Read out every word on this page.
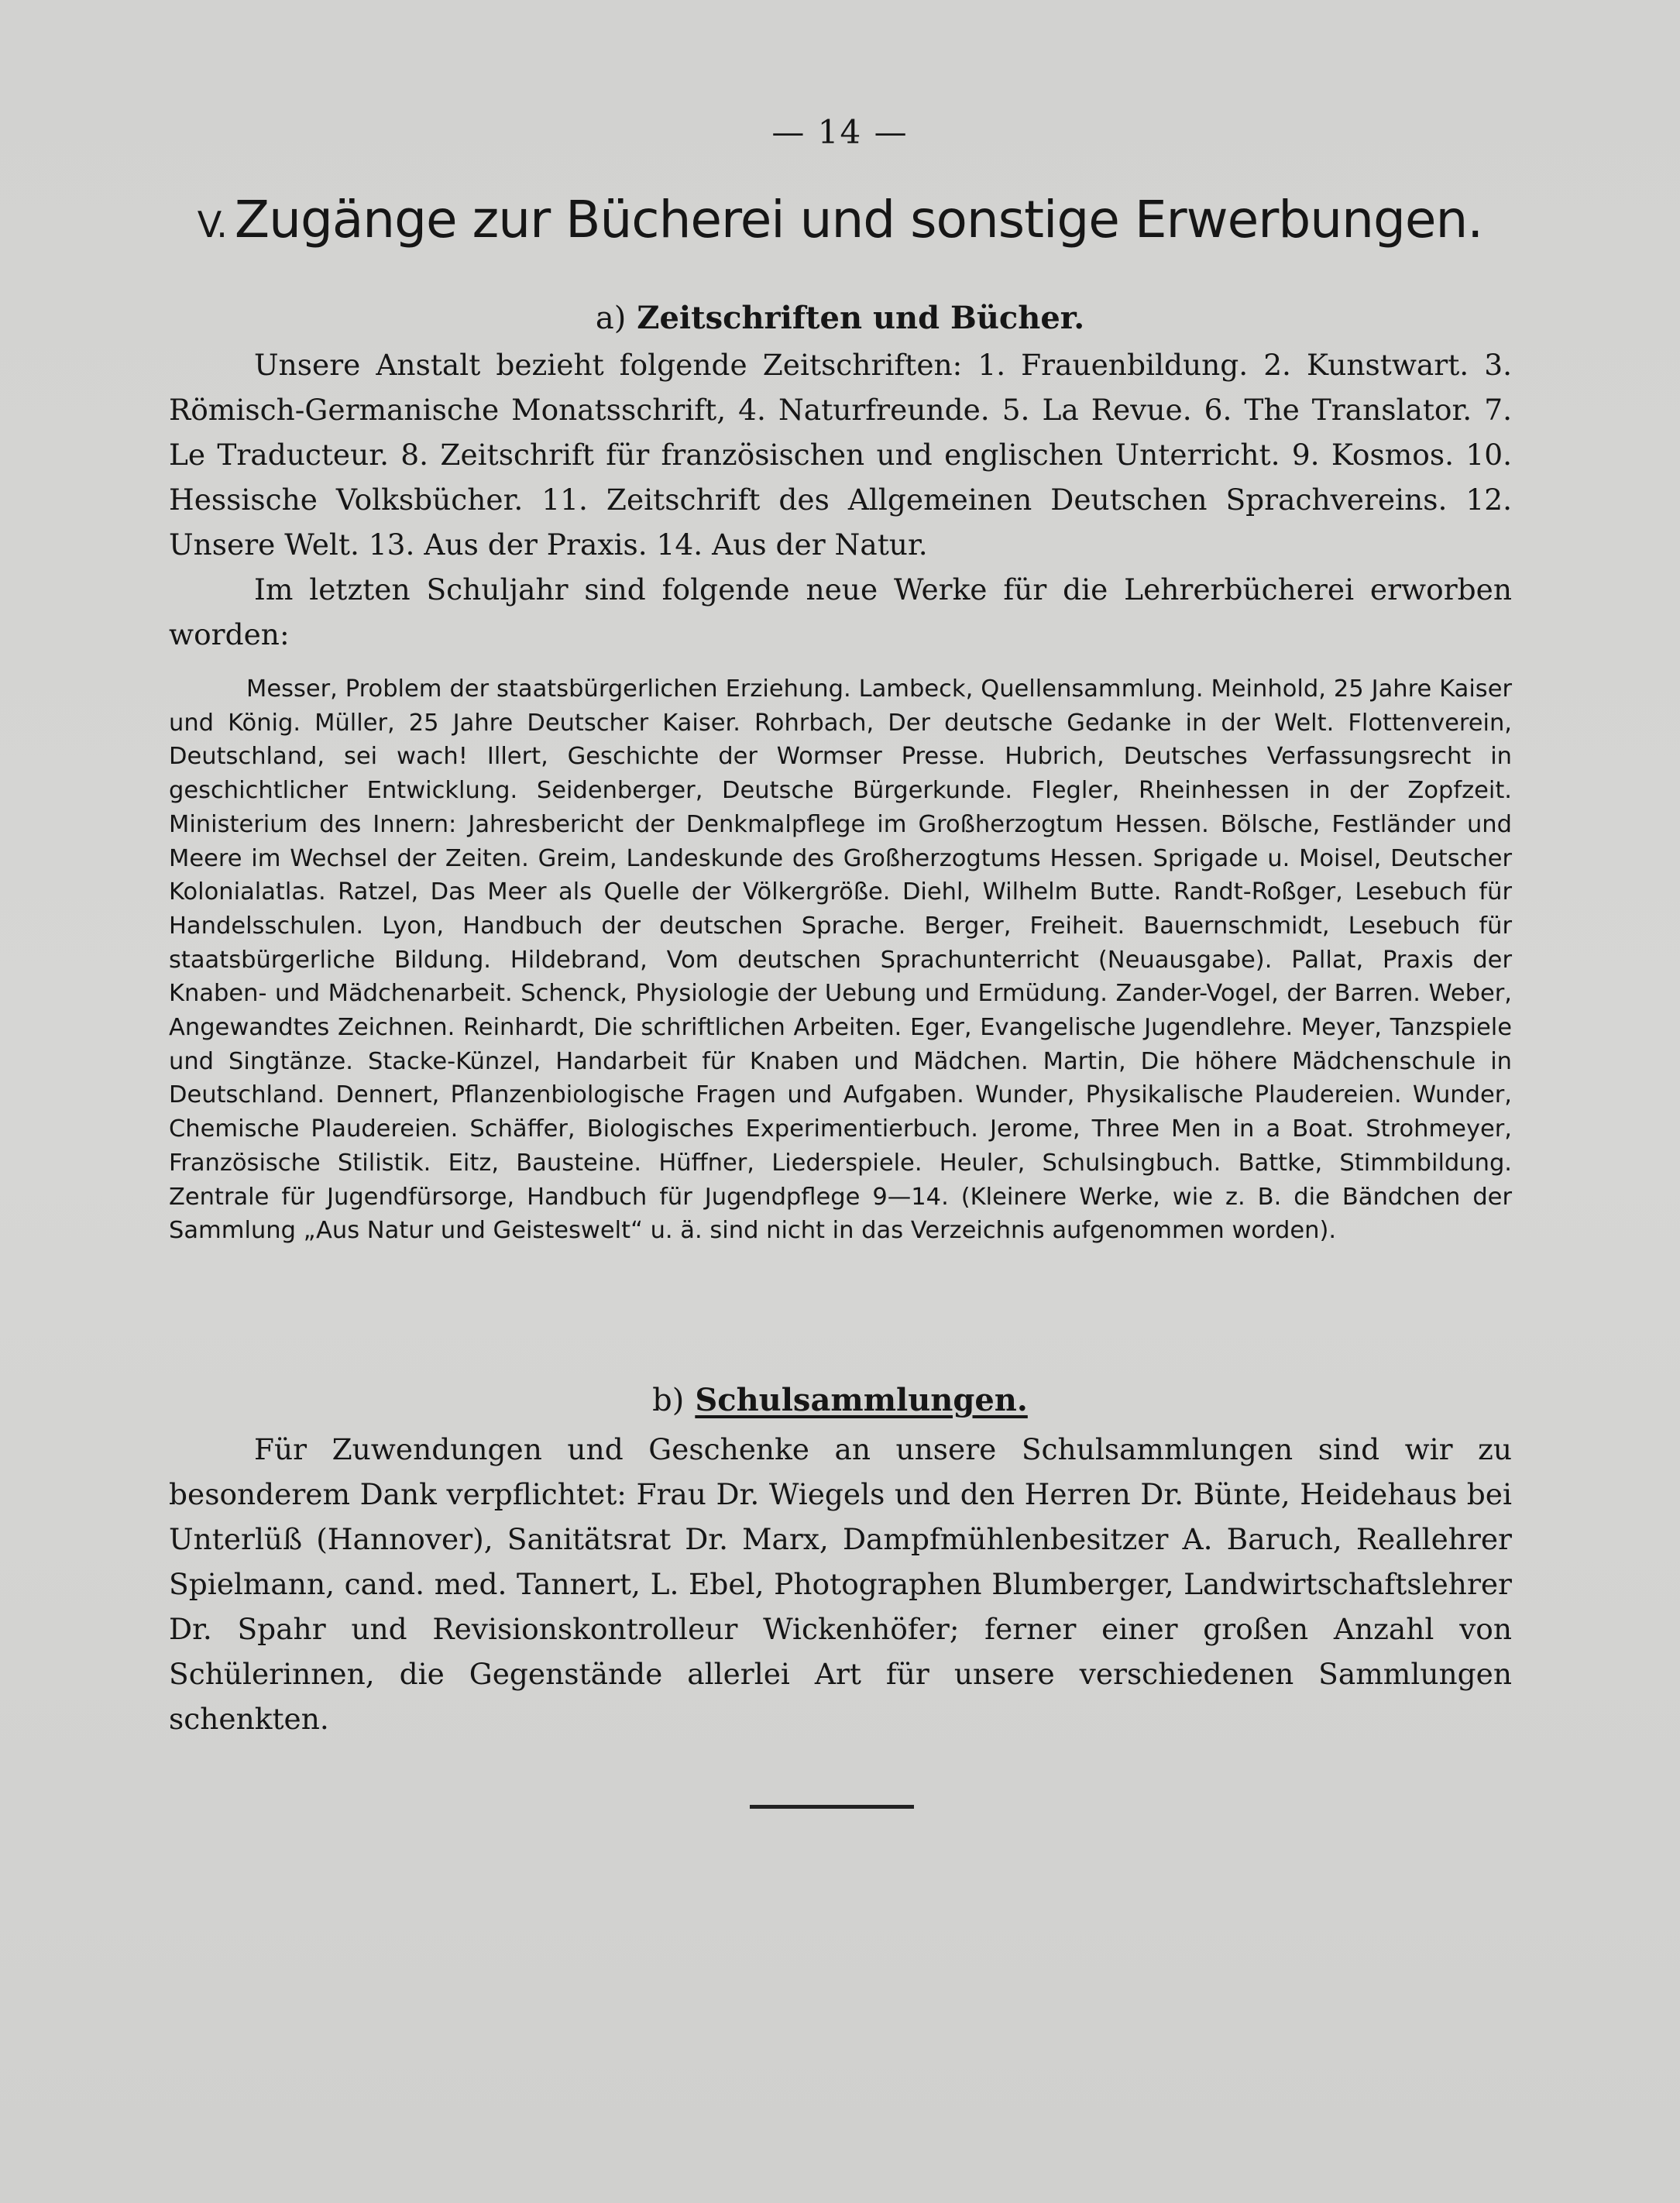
— 14 —
V. Zugänge zur Bücherei und sonstige Erwerbungen.
a) Zeitschriften und Bücher.

Unsere Anstalt bezieht folgende Zeitschriften: 1. Frauenbildung. 2. Kunstwart. 3. Römisch-Germanische Monatsschrift, 4. Naturfreunde. 5. La Revue. 6. The Translator. 7. Le Traducteur. 8. Zeitschrift für französischen und englischen Unterricht. 9. Kosmos. 10. Hessische Volksbücher. 11. Zeitschrift des Allgemeinen Deutschen Sprachvereins. 12. Unsere Welt. 13. Aus der Praxis. 14. Aus der Natur.

Im letzten Schuljahr sind folgende neue Werke für die Lehrerbücherei erworben worden:

Messer, Problem der staatsbürgerlichen Erziehung. Lambeck, Quellensammlung. Meinhold, 25 Jahre Kaiser und König. Müller, 25 Jahre Deutscher Kaiser. Rohrbach, Der deutsche Gedanke in der Welt. Flottenverein, Deutschland, sei wach! Illert, Geschichte der Wormser Presse. Hubrich, Deutsches Verfassungsrecht in geschichtlicher Entwicklung. Seidenberger, Deutsche Bürgerkunde. Flegler, Rheinhessen in der Zopfzeit. Ministerium des Innern: Jahresbericht der Denkmalpflege im Großherzogtum Hessen. Bölsche, Festländer und Meere im Wechsel der Zeiten. Greim, Landeskunde des Großherzogtums Hessen. Sprigade u. Moisel, Deutscher Kolonialatlas. Ratzel, Das Meer als Quelle der Völkergröße. Diehl, Wilhelm Butte. Randt-Roßger, Lesebuch für Handelsschulen. Lyon, Handbuch der deutschen Sprache. Berger, Freiheit. Bauernschmidt, Lesebuch für staatsbürgerliche Bildung. Hildebrand, Vom deutschen Sprachunterricht (Neuausgabe). Pallat, Praxis der Knaben- und Mädchenarbeit. Schenck, Physiologie der Uebung und Ermüdung. Zander-Vogel, der Barren. Weber, Angewandtes Zeichnen. Reinhardt, Die schriftlichen Arbeiten. Eger, Evangelische Jugendlehre. Meyer, Tanzspiele und Singtänze. Stacke-Künzel, Handarbeit für Knaben und Mädchen. Martin, Die höhere Mädchenschule in Deutschland. Dennert, Pflanzenbiologische Fragen und Aufgaben. Wunder, Physikalische Plaudereien. Wunder, Chemische Plaudereien. Schäffer, Biologisches Experimentierbuch. Jerome, Three Men in a Boat. Strohmeyer, Französische Stilistik. Eitz, Bausteine. Hüffner, Liederspiele. Heuler, Schulsingbuch. Battke, Stimmbildung. Zentrale für Jugendfürsorge, Handbuch für Jugendpflege 9—14. (Kleinere Werke, wie z. B. die Bändchen der Sammlung „Aus Natur und Geisteswelt“ u. ä. sind nicht in das Verzeichnis aufgenommen worden).

b) Schulsammlungen.

Für Zuwendungen und Geschenke an unsere Schulsammlungen sind wir zu besonderem Dank verpflichtet: Frau Dr. Wiegels und den Herren Dr. Bünte, Heidehaus bei Unterlüß (Hannover), Sanitätsrat Dr. Marx, Dampfmühlenbesitzer A. Baruch, Reallehrer Spielmann, cand. med. Tannert, L. Ebel, Photographen Blumberger, Landwirtschaftslehrer Dr. Spahr und Revisionskontrolleur Wickenhöfer; ferner einer großen Anzahl von Schülerinnen, die Gegenstände allerlei Art für unsere verschiedenen Sammlungen schenkten.
